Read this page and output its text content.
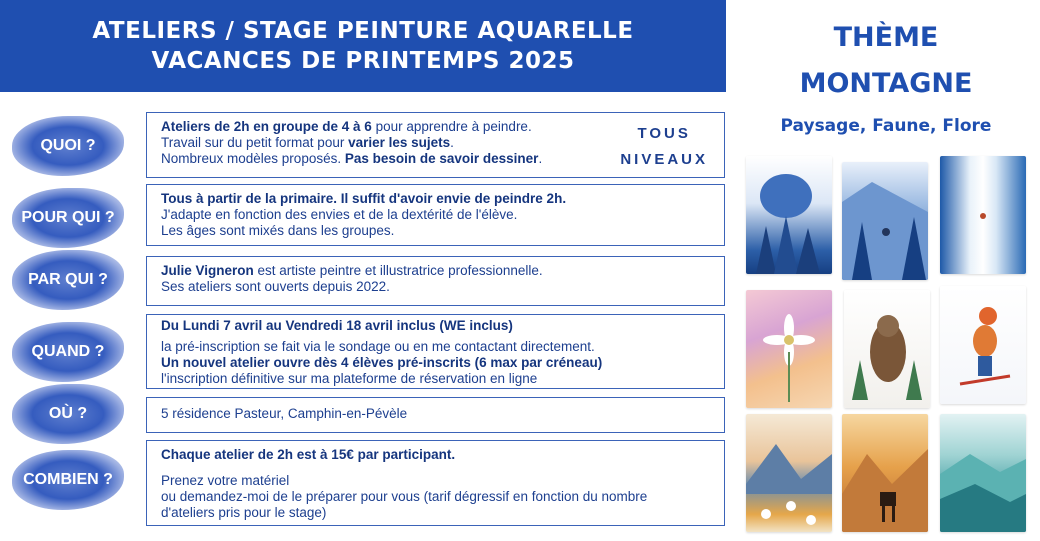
ATELIERS / STAGE PEINTURE AQUARELLE
VACANCES DE PRINTEMPS 2025
THÈME
MONTAGNE
Paysage, Faune, Flore
QUOI ?
POUR QUI ?
PAR QUI ?
QUAND ?
OÙ ?
COMBIEN ?
Ateliers de 2h en groupe de 4 à 6 pour apprendre à peindre.
Travail sur du petit format pour varier les sujets.
Nombreux modèles proposés. Pas besoin de savoir dessiner.
TOUS
NIVEAUX
Tous à partir de la primaire. Il suffit d'avoir envie de peindre 2h.
J'adapte en fonction des envies et de la dextérité de l'élève.
Les âges sont mixés dans les groupes.
Julie Vigneron est artiste peintre et illustratrice professionnelle.
Ses ateliers sont ouverts depuis 2022.
Du Lundi 7 avril au Vendredi 18 avril inclus (WE inclus)
la pré-inscription se fait via le sondage ou en me contactant directement.
Un nouvel atelier ouvre dès 4 élèves pré-inscrits (6 max par créneau)
l'inscription définitive sur ma plateforme de réservation en ligne
5 résidence Pasteur, Camphin-en-Pévèle
Chaque atelier de 2h est à 15€ par participant.
Prenez votre matériel
ou demandez-moi de le préparer pour vous (tarif dégressif en fonction du nombre
d'ateliers pris pour le stage)
